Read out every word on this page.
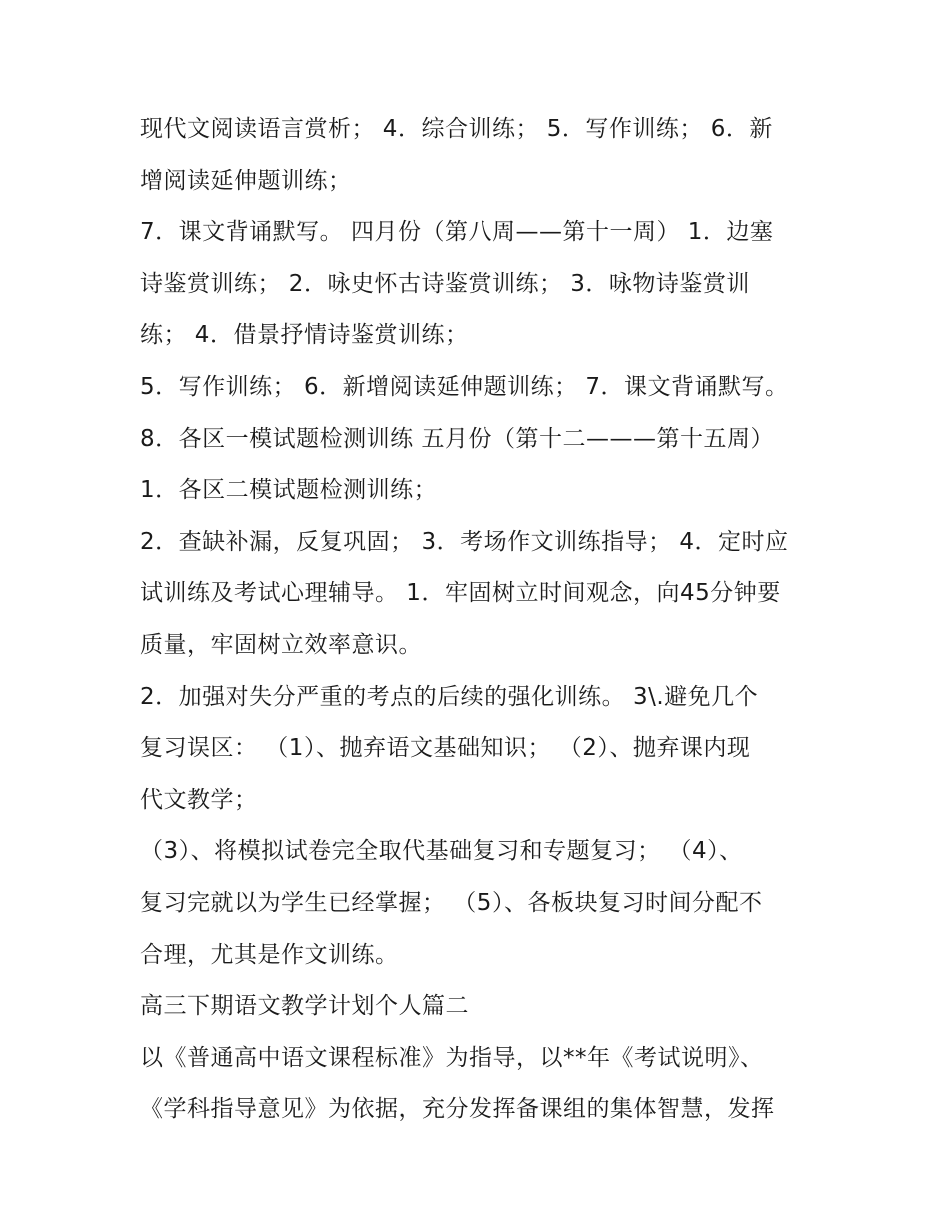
现代文阅读语言赏析； 4．综合训练； 5．写作训练； 6．新
增阅读延伸题训练；
7．课文背诵默写。 四月份（第八周——第十一周） 1．边塞
诗鉴赏训练； 2．咏史怀古诗鉴赏训练； 3．咏物诗鉴赏训
练； 4．借景抒情诗鉴赏训练；
5．写作训练； 6．新增阅读延伸题训练； 7．课文背诵默写。
8．各区一模试题检测训练 五月份（第十二———第十五周）
1．各区二模试题检测训练；
2．查缺补漏，反复巩固； 3．考场作文训练指导； 4．定时应
试训练及考试心理辅导。 1．牢固树立时间观念，向45分钟要
质量，牢固树立效率意识。
2．加强对失分严重的考点的后续的强化训练。 3\.避免几个
复习误区： （1）、抛弃语文基础知识； （2）、抛弃课内现
代文教学；
（3）、将模拟试卷完全取代基础复习和专题复习； （4）、
复习完就以为学生已经掌握； （5）、各板块复习时间分配不
合理，尤其是作文训练。
高三下期语文教学计划个人篇二
以《普通高中语文课程标准》为指导，以**年《考试说明》、
《学科指导意见》为依据，充分发挥备课组的集体智慧，发挥
